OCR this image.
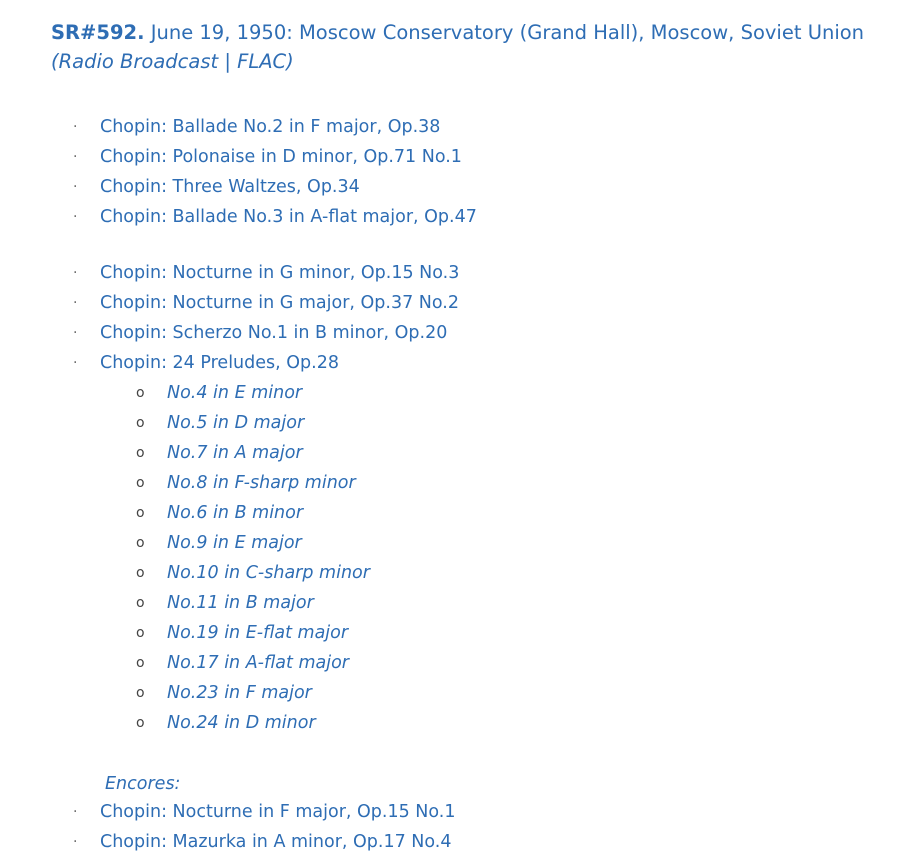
SR#592. June 19, 1950: Moscow Conservatory (Grand Hall), Moscow, Soviet Union (Radio Broadcast | FLAC)

· Chopin: Ballade No.2 in F major, Op.38
· Chopin: Polonaise in D minor, Op.71 No.1
· Chopin: Three Waltzes, Op.34
· Chopin: Ballade No.3 in A-flat major, Op.47
· Chopin: Nocturne in G minor, Op.15 No.3
· Chopin: Nocturne in G major, Op.37 No.2
· Chopin: Scherzo No.1 in B minor, Op.20
· Chopin: 24 Preludes, Op.28
o No.4 in E minor
o No.5 in D major
o No.7 in A major
o No.8 in F-sharp minor
o No.6 in B minor
o No.9 in E major
o No.10 in C-sharp minor
o No.11 in B major
o No.19 in E-flat major
o No.17 in A-flat major
o No.23 in F major
o No.24 in D minor
Encores:
· Chopin: Nocturne in F major, Op.15 No.1
· Chopin: Mazurka in A minor, Op.17 No.4
